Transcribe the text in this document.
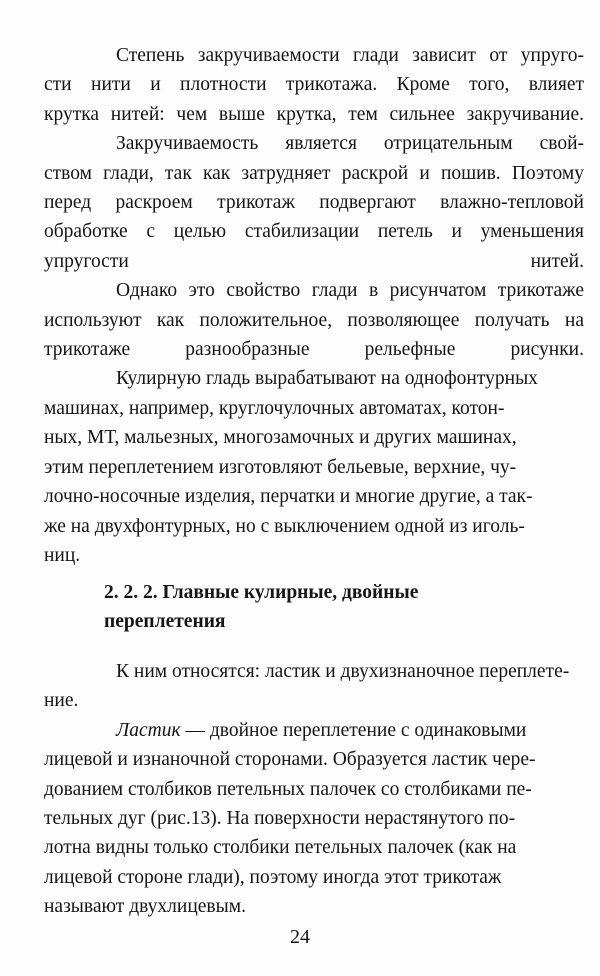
Степень закручиваемости глади зависит от упруго-
сти нити и плотности трикотажа. Кроме того, влияет
крутка нитей: чем выше крутка, тем сильнее закручивание.

Закручиваемость является отрицательным свой-
ством глади, так как затрудняет раскрой и пошив. Поэтому
перед раскроем трикотаж подвергают влажно-тепловой
обработке с целью стабилизации петель и уменьшения
упругости нитей.

Однако это свойство глади в рисунчатом трикотаже
используют как положительное, позволяющее получать на
трикотаже разнообразные рельефные рисунки.

Кулирную гладь вырабатывают на однофонтурных
машинах, например, круглочулочных автоматах, котон-
ных, МТ, мальезных, многозамочных и других машинах,
этим переплетением изготовляют бельевые, верхние, чу-
лочно-носочные изделия, перчатки и многие другие, а так-
же на двухфонтурных, но с выключением одной из иголь-
ниц.

2. 2. 2. Главные кулирные, двойные
переплетения

К ним относятся: ластик и двухизнаночное переплете-
ние.

Ластик — двойное переплетение с одинаковыми
лицевой и изнаночной сторонами. Образуется ластик чере-
дованием столбиков петельных палочек со столбиками пе-
тельных дуг (рис.13). На поверхности нерастянутого по-
лотна видны только столбики петельных палочек (как на
лицевой стороне глади), поэтому иногда этот трикотаж
называют двухлицевым.

24
